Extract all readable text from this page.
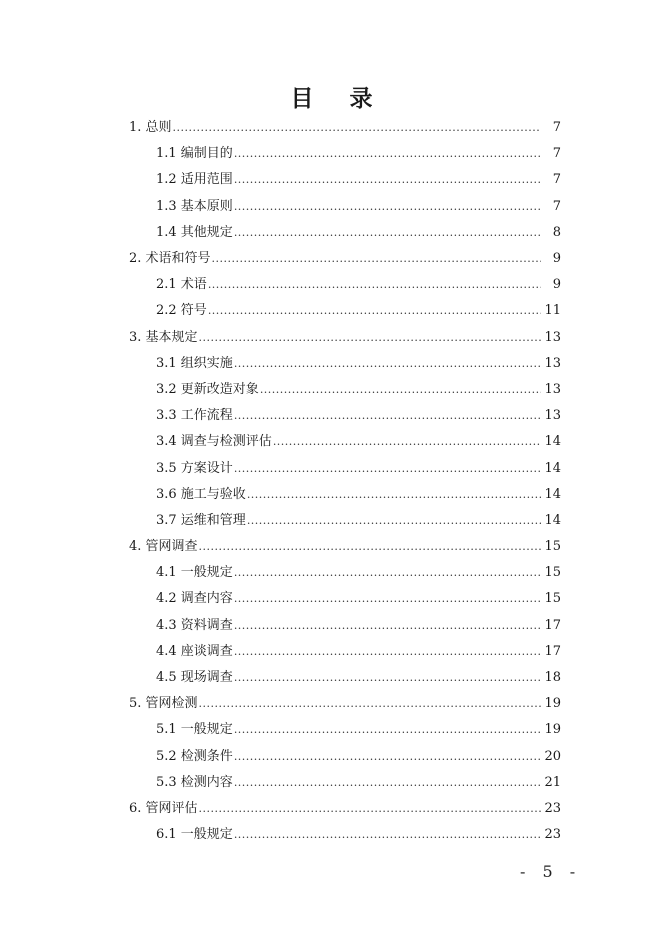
目 录
1. 总则 .....	7
1.1 编制目的 .....	7
1.2 适用范围 .....	7
1.3 基本原则 .....	7
1.4 其他规定 .....	8
2. 术语和符号 .....	9
2.1 术语 .....	9
2.2 符号 .....	11
3. 基本规定 .....	13
3.1 组织实施 .....	13
3.2 更新改造对象 .....	13
3.3 工作流程 .....	13
3.4 调查与检测评估 .....	14
3.5 方案设计 .....	14
3.6 施工与验收 .....	14
3.7 运维和管理 .....	14
4. 管网调查 .....	15
4.1 一般规定 .....	15
4.2 调查内容 .....	15
4.3 资料调查 .....	17
4.4 座谈调查 .....	17
4.5 现场调查 .....	18
5. 管网检测 .....	19
5.1 一般规定 .....	19
5.2 检测条件 .....	20
5.3 检测内容 .....	21
6. 管网评估 .....	23
6.1 一般规定 .....	23
- 5 -
